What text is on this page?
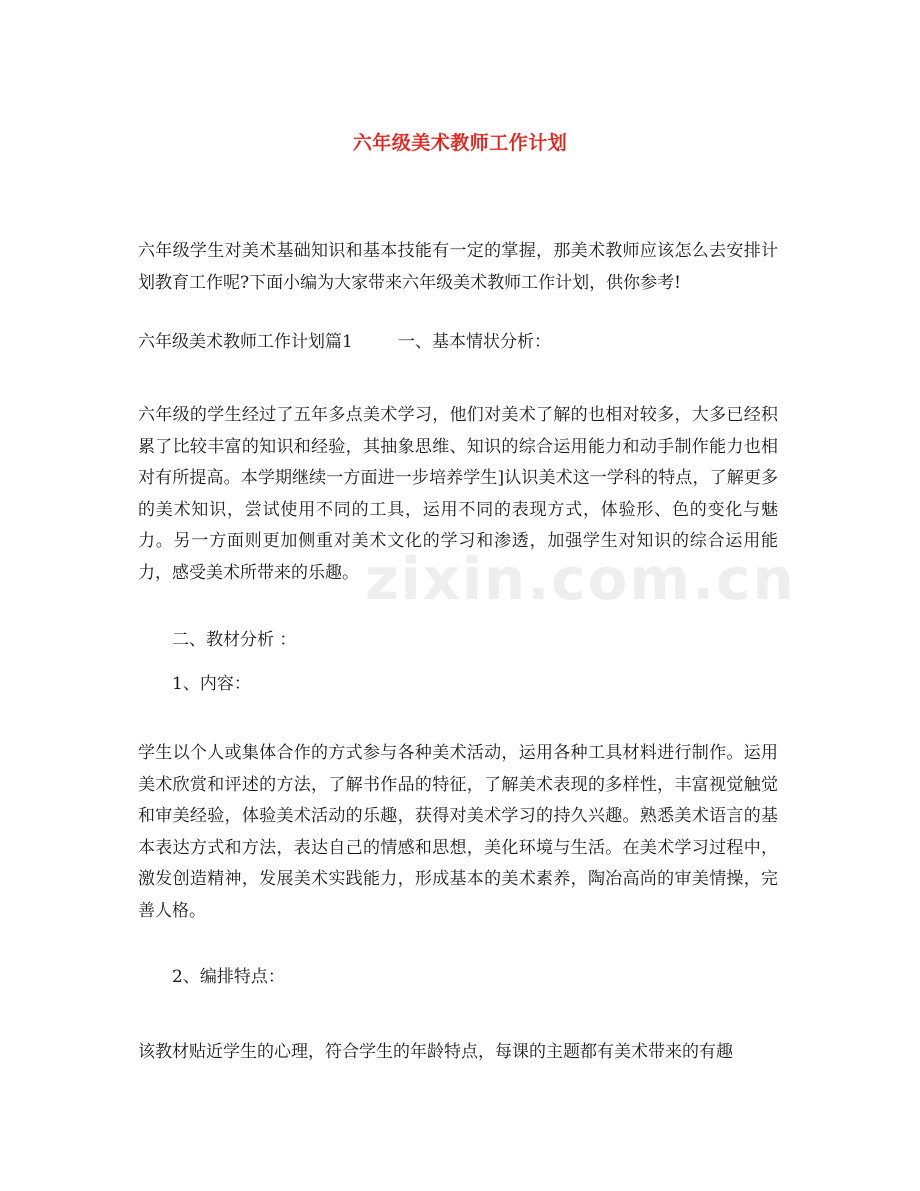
六年级美术教师工作计划
六年级学生对美术基础知识和基本技能有一定的掌握，那美术教师应该怎么去安排计划教育工作呢?下面小编为大家带来六年级美术教师工作计划，供你参考!
六年级美术教师工作计划篇1	一、基本情状分析：
六年级的学生经过了五年多点美术学习，他们对美术了解的也相对较多，大多已经积累了比较丰富的知识和经验，其抽象思维、知识的综合运用能力和动手制作能力也相对有所提高。本学期继续一方面进一步培养学生]认识美术这一学科的特点，了解更多的美术知识，尝试使用不同的工具，运用不同的表现方式，体验形、色的变化与魅力。另一方面则更加侧重对美术文化的学习和渗透，加强学生对知识的综合运用能力，感受美术所带来的乐趣。
二、教材分析 ：
1、内容：
学生以个人或集体合作的方式参与各种美术活动，运用各种工具材料进行制作。运用美术欣赏和评述的方法，了解书作品的特征，了解美术表现的多样性，丰富视觉触觉和审美经验，体验美术活动的乐趣，获得对美术学习的持久兴趣。熟悉美术语言的基本表达方式和方法，表达自己的情感和思想，美化环境与生活。在美术学习过程中，激发创造精神，发展美术实践能力，形成基本的美术素养，陶冶高尚的审美情操，完善人格。
2、编排特点：
该教材贴近学生的心理，符合学生的年龄特点，每课的主题都有美术带来的有趣
zixin.com.cn
